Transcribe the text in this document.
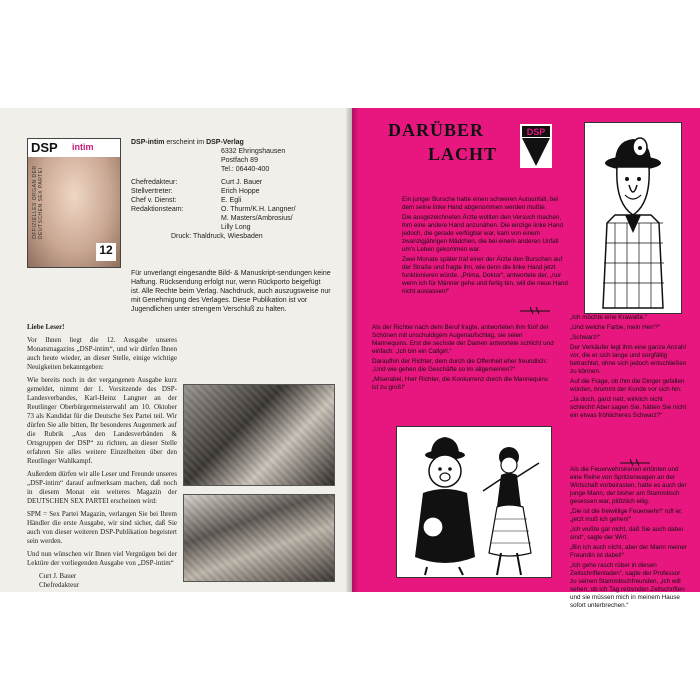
DSP intim
OFFIZIELLES ORGAN DER DEUTSCHEN SEX PARTEI
12
DSP-intim erscheint im DSP-Verlag
6332 Ehringshausen
Postfach 89
Tel.: 06440-400
Chefredakteur:	Curt J. Bauer
Stellvertreter:	Erich Hoppe
Chef v. Dienst:	E. Egli
Redaktionsteam:	O. Thurm/K.H. Langner/
M. Masters/Ambrosius/
Lilly Long
Druck: Thaldruck, Wiesbaden
Für unverlangt eingesandte Bild- & Manuskript-sendungen keine Haftung. Rücksendung erfolgt nur, wenn Rückporto beigefügt ist. Alle Rechte beim Verlag. Nachdruck, auch auszugsweise nur mit Genehmigung des Verlages. Diese Publikation ist vor Jugendlichen unter strengem Verschluß zu halten.

Liebe Leser!

Vor Ihnen liegt die 12. Ausgabe unseres Monatsmagazins „DSP-intim“, und wir dürfen Ihnen auch heute wieder, an dieser Stelle, einige wichtige Neuigkeiten bekanntgeben:

Wie bereits noch in der vergangenen Ausgabe kurz gemeldet, nimmt der 1. Vorsitzende des DSP-Landesverbandes, Karl-Heinz Langner an der Reutlinger Oberbürgermeisterwahl am 10. Oktober 73 als Kandidat für die Deutsche Sex Partei teil. Wir dürfen Sie alle bitten, Ihr besonderes Augenmerk auf die Rubrik „Aus den Landesverbänden & Ortsgruppen der DSP“ zu richten, an dieser Stelle erfahren Sie alles weitere Einzelheiten über den Reutlinger Wahlkampf.

Außerdem dürfen wir alle Leser und Freunde unseres „DSP-intim“ darauf aufmerksam machen, daß noch in diesem Monat ein weiteres Magazin der DEUTSCHEN SEX PARTEI erscheinen wird:

SPM = Sex Partei Magazin, verlangen Sie bei Ihrem Händler die erste Ausgabe, wir sind sicher, daß Sie auch von dieser weiteren DSP-Publikation begeistert sein werden.

Und nun wünschen wir Ihnen viel Vergnügen bei der Lektüre der vorliegenden Ausgabe von „DSP-intim“

Curt J. Bauer
Chefredakteur
DARÜBER
LACHT
DSP

Ein junger Bursche hatte einen schweren Autounfall, bei dem seine linke Hand abgenommen werden mußte.

Die ausgezeichneten Ärzte wollten den Versuch machen, ihm eine andere Hand anzunähen. Die einzige linke Hand jedoch, die gerade verfügbar war, kam von einem zwanzigjährigen Mädchen, die bei einem anderen Unfall um's Leben gekommen war.

Zwei Monate später traf einer der Ärzte den Burschen auf der Straße und fragte ihn, wie denn die linke Hand jetzt funktionieren würde. „Prima, Doktor“, antwortete der, „nur wenn ich für Männer gehe und fertig bin, will die neue Hand nicht auslassen!“

Als der Richter nach dem Beruf fragte, antworteten ihm fünf der Schönen mit unschuldigem Augenaufschlag, sie seien Mannequins. Erst die sechste der Damen antwortete schlicht und einfach: „Ich bin ein Callgirl.“

Daraufhin der Richter, dem durch die Offenheit eher freundlich: „Und wie gehen die Geschäfte so im allgemeinen?“

„Miserabel, Herr Richter, die Konkurrenz durch die Mannequins ist zu groß!“

„Ich möchte eine Krawatte.“

„Und welche Farbe, mein Herr?“

„Schwarz!“

Der Verkäufer legt ihm eine ganze Anzahl vor, die er sich lange und sorgfältig betrachtet, ohne sich jedoch entschließen zu können.

Auf die Frage, ob ihm die Dinger gefallen würden, brummt der Kunde vor sich hin:

„Ja doch, ganz nett, wirklich nicht schlecht! Aber sagen Sie, hätten Sie nicht ein etwas fröhlicheres Schwarz?“

Als die Feuerwehrsirenen ertönten und eine Reihe von Spritzenwagen an der Wirtschaft vorbeirasten, hatte es auch der junge Mann, der bisher am Stammtisch gesessen war, plötzlich eilig.

„Die ist die freiwillige Feuerwehr!“ ruft er, „jetzt muß ich gehen!“

„Ich wußte gar nicht, daß Sie auch dabei sind“, sagte der Wirt.

„Bin ich auch nicht, aber der Mann meiner Freundin ist dabei!“

„Ich gehe rasch rüber in diesen Zeitschriftenladen“, sagte der Professor zu seinen Stammtischfreunden, „ich will sehen, ob ich Tag reizenden Zeitschriften und sie müssen mich in meinem Hause sofort unterbrechen.“
